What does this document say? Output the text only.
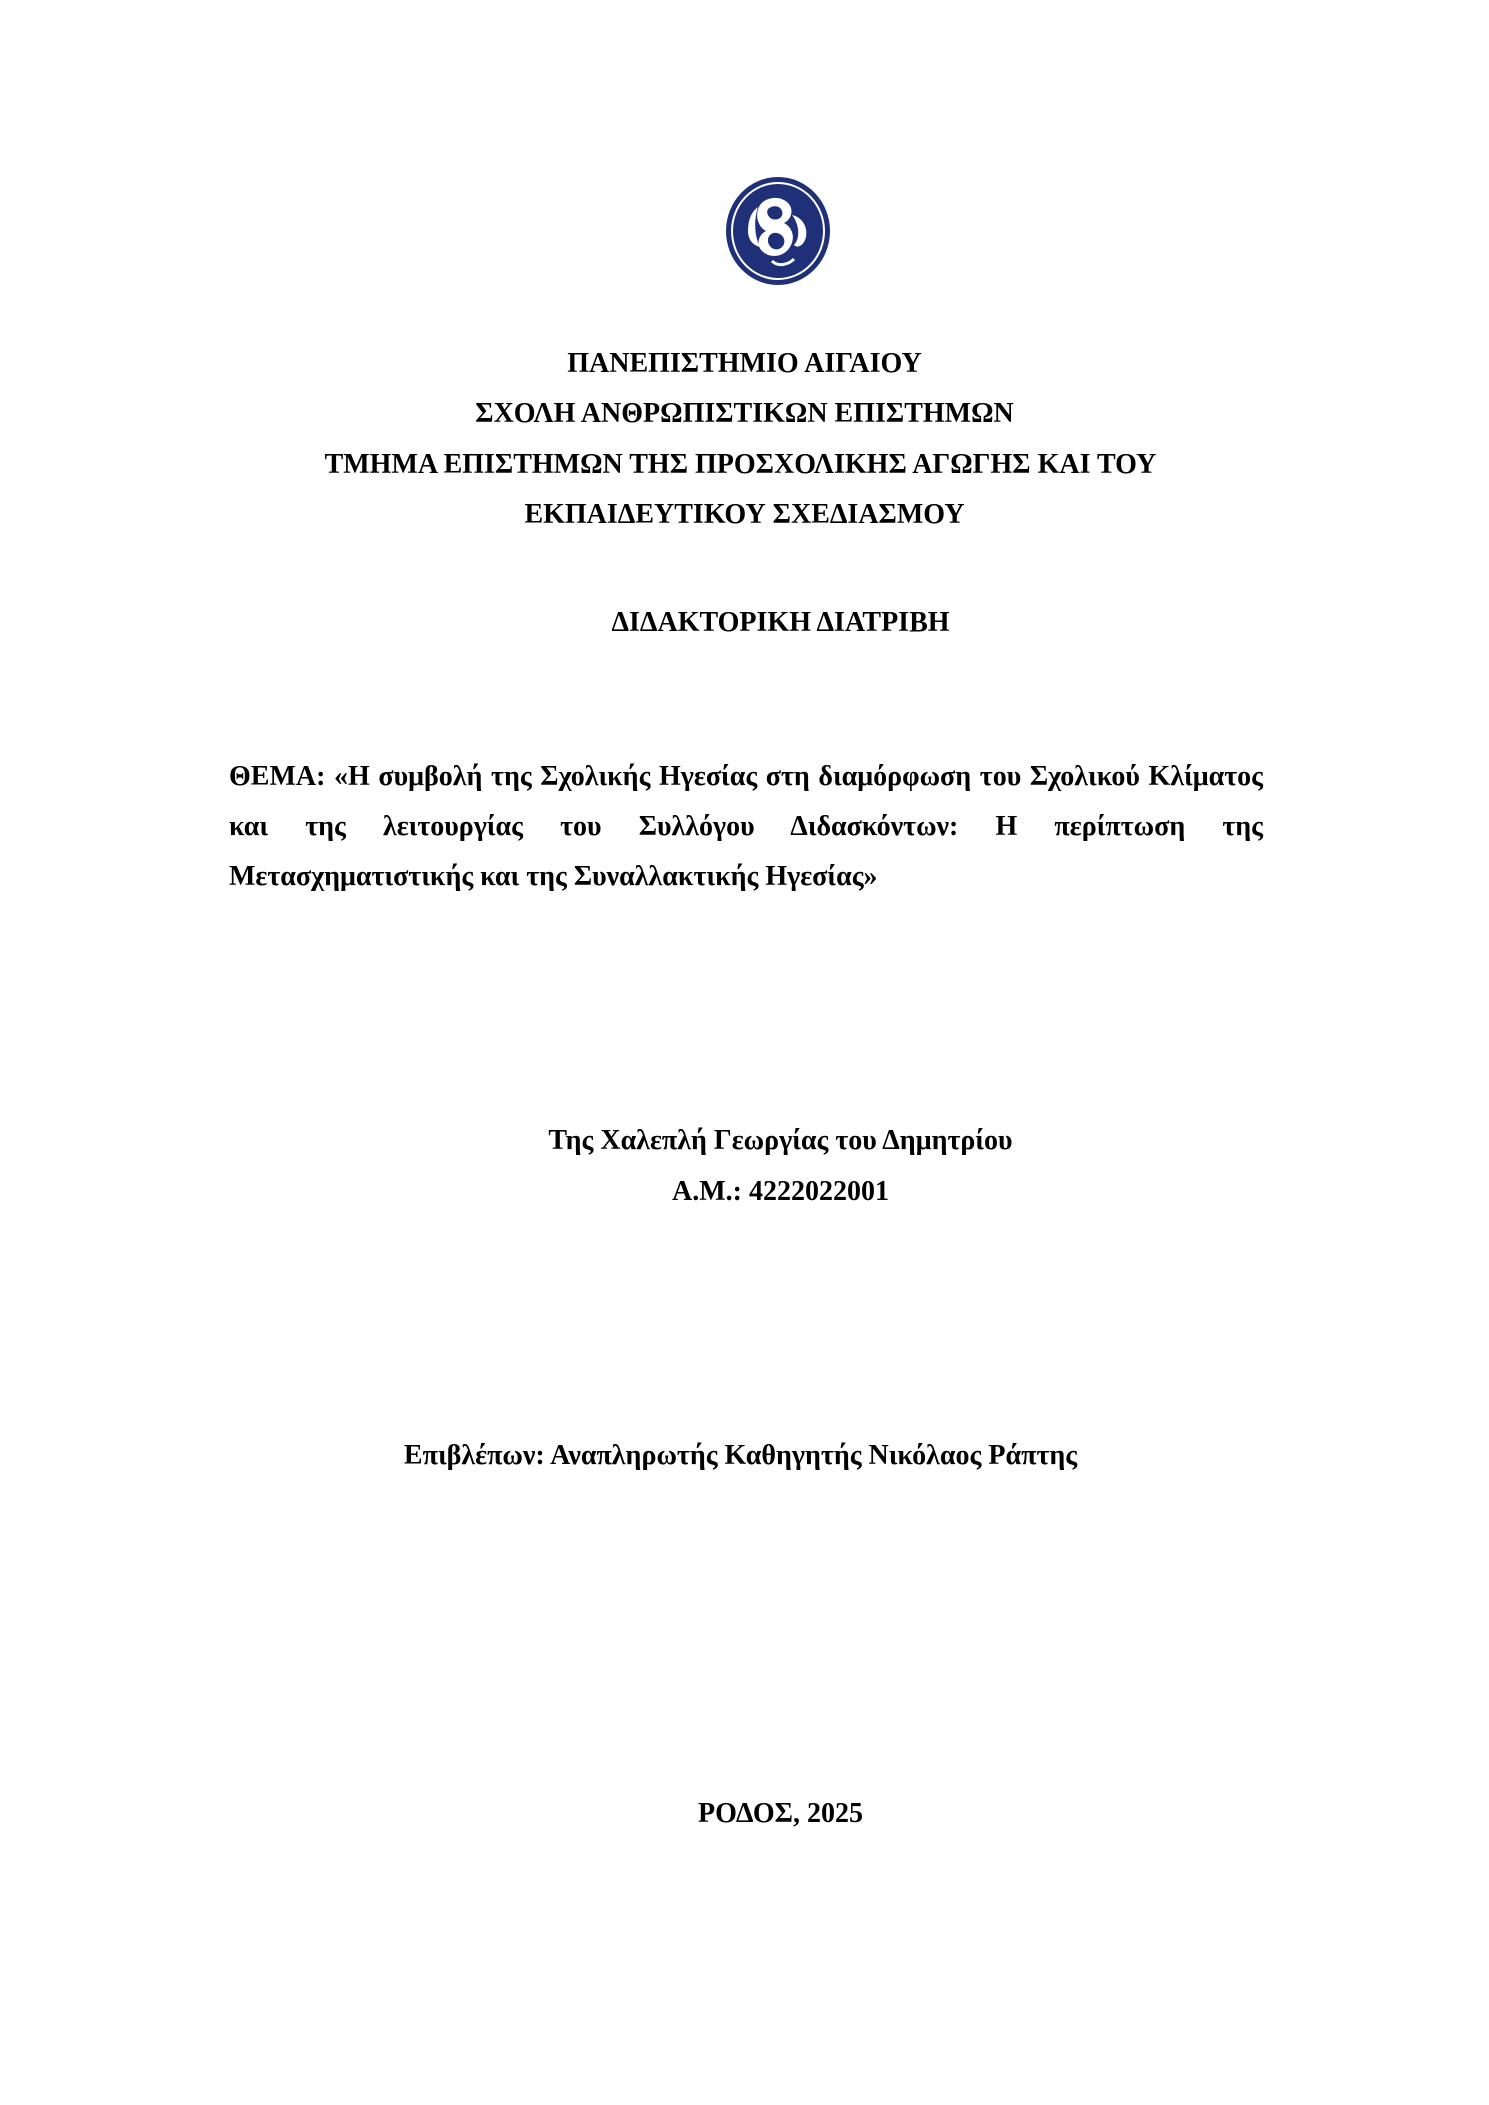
ΠΑΝΕΠΙΣΤΗΜΙΟ ΑΙΓΑΙΟΥ
ΣΧΟΛΗ ΑΝΘΡΩΠΙΣΤΙΚΩΝ ΕΠΙΣΤΗΜΩΝ
ΤΜΗΜΑ ΕΠΙΣΤΗΜΩΝ ΤΗΣ ΠΡΟΣΧΟΛΙΚΗΣ ΑΓΩΓΗΣ ΚΑΙ ΤΟΥ
ΕΚΠΑΙΔΕΥΤΙΚΟΥ ΣΧΕΔΙΑΣΜΟΥ
ΔΙΔΑΚΤΟΡΙΚΗ ΔΙΑΤΡΙΒΗ
ΘΕΜΑ: «Η συμβολή της Σχολικής Ηγεσίας στη διαμόρφωση του Σχολικού Κλίματος και της λειτουργίας του Συλλόγου Διδασκόντων: Η περίπτωση της Μετασχηματιστικής και της Συναλλακτικής Ηγεσίας»
Της Χαλεπλή Γεωργίας του Δημητρίου
Α.Μ.: 4222022001
Επιβλέπων: Αναπληρωτής Καθηγητής Νικόλαος Ράπτης
ΡΟΔΟΣ, 2025
